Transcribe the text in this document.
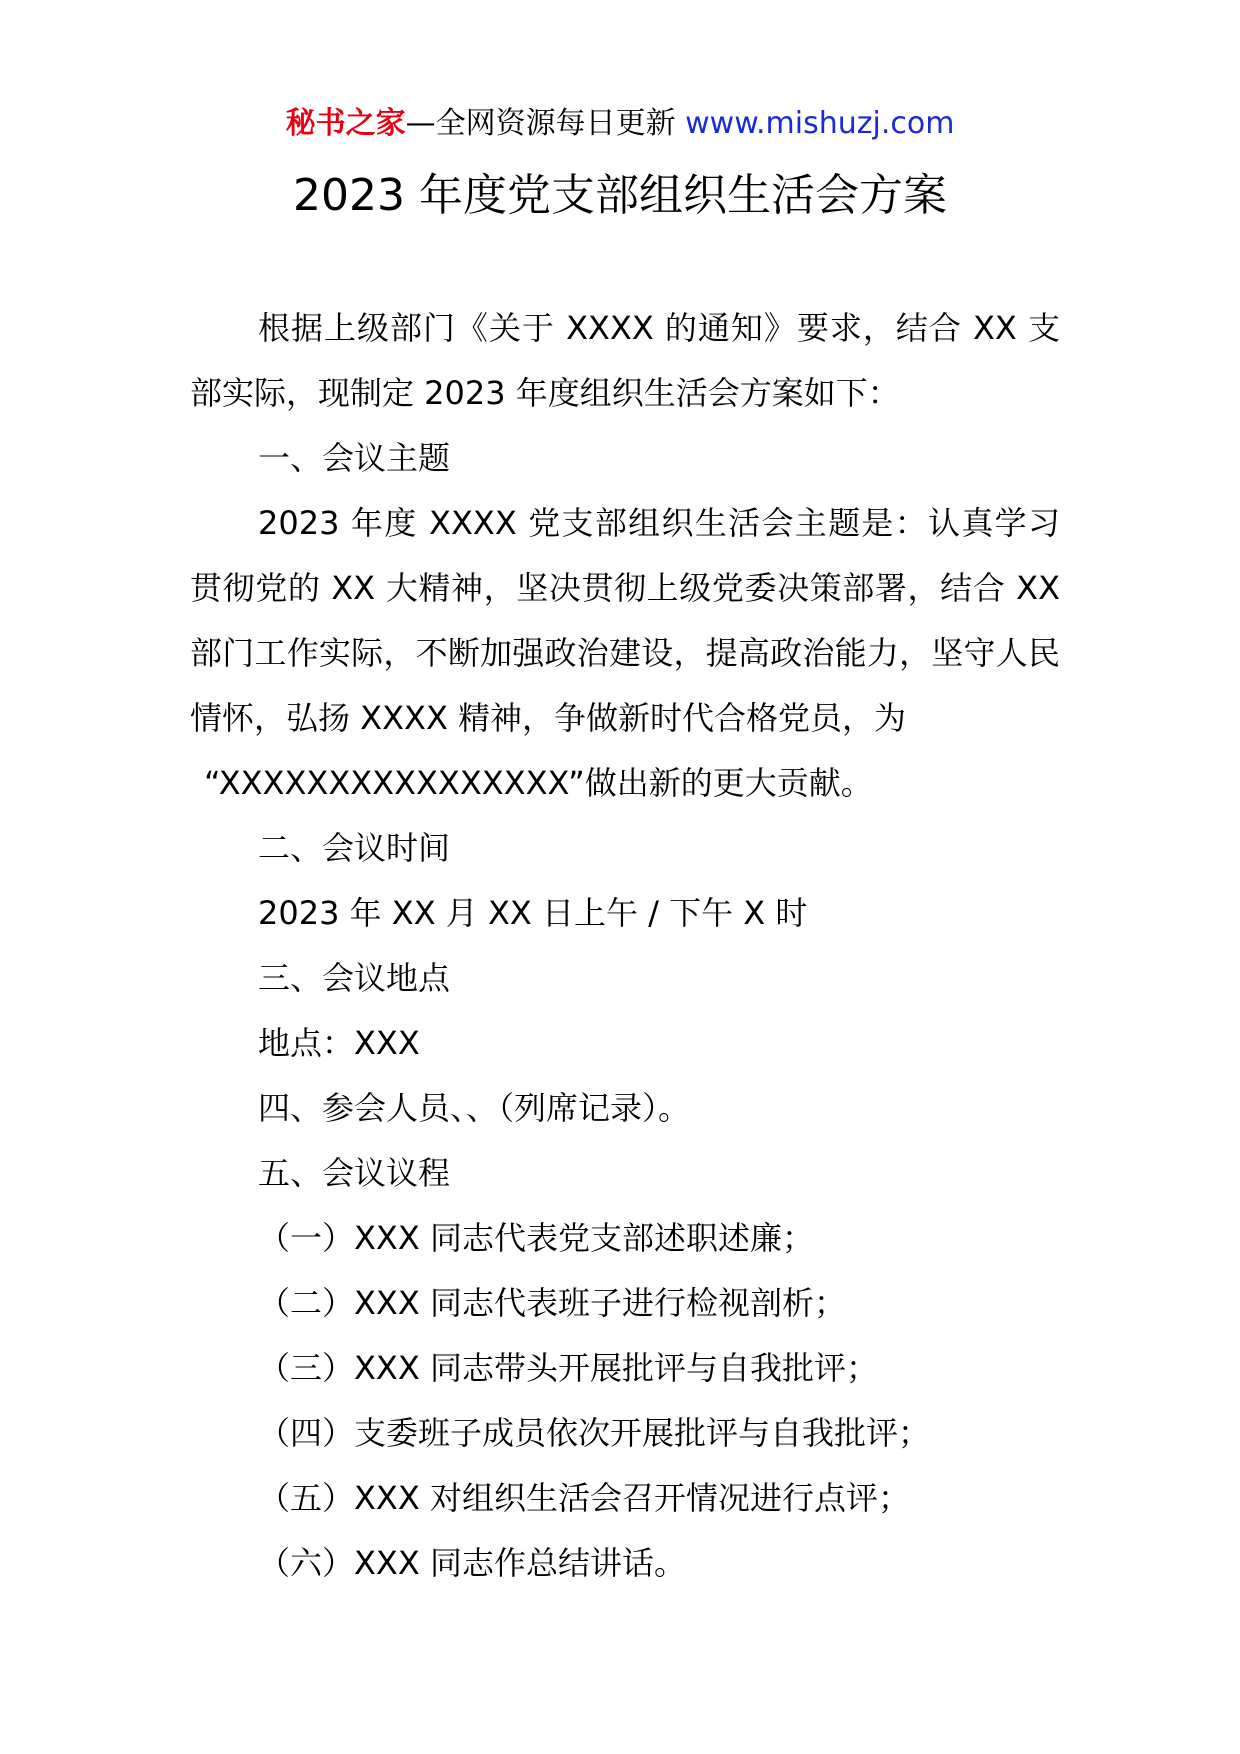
秘书之家—全网资源每日更新 www.mishuzj.com
2023 年度党支部组织生活会方案

根据上级部门《关于 XXXX 的通知》要求，结合 XX 支部实际，现制定 2023 年度组织生活会方案如下：

一、会议主题

2023 年度 XXXX 党支部组织生活会主题是：认真学习贯彻党的 XX 大精神，坚决贯彻上级党委决策部署，结合 XX 部门工作实际，不断加强政治建设，提高政治能力，坚守人民情怀，弘扬 XXXX 精神，争做新时代合格党员，为

“XXXXXXXXXXXXXXXX”做出新的更大贡献。

二、会议时间

2023 年 XX 月 XX 日上午 / 下午 X 时

三、会议地点

地点：XXX

四、参会人员、、（列席记录）。

五、会议议程

（一）XXX 同志代表党支部述职述廉；

（二）XXX 同志代表班子进行检视剖析；

（三）XXX 同志带头开展批评与自我批评；

（四）支委班子成员依次开展批评与自我批评；

（五）XXX 对组织生活会召开情况进行点评；

（六）XXX 同志作总结讲话。
